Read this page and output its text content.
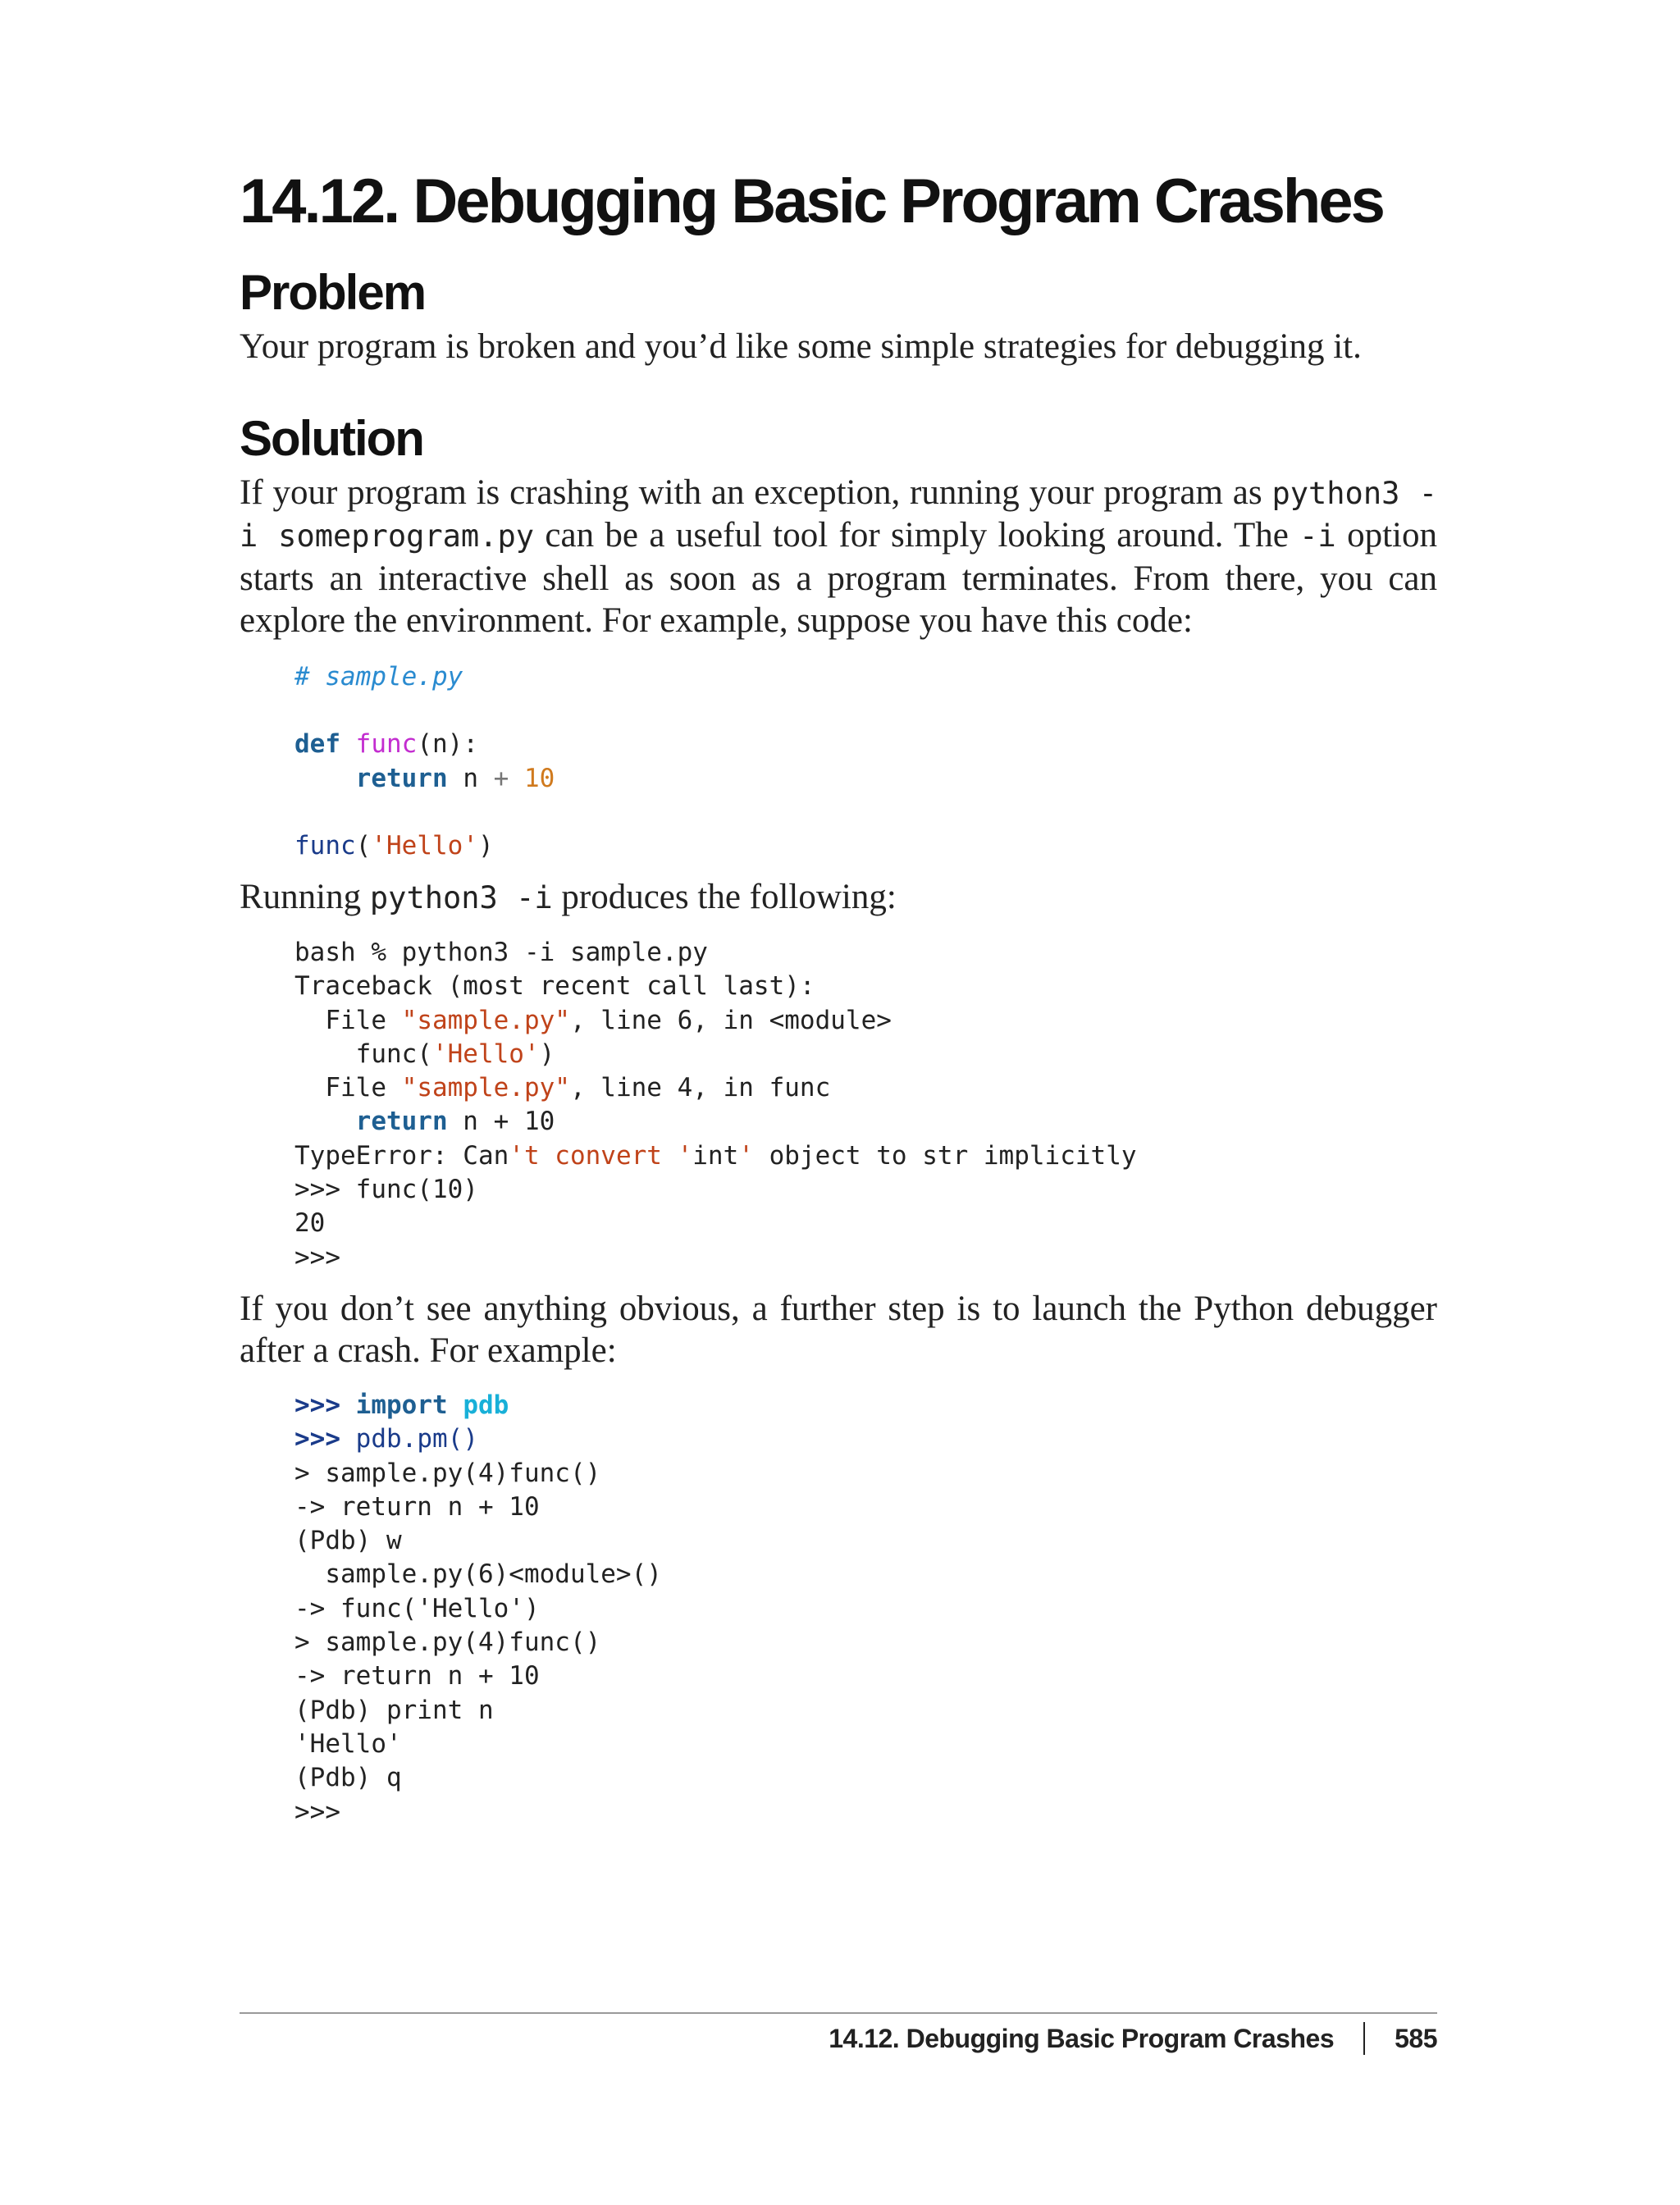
14.12. Debugging Basic Program Crashes
Problem

Your program is broken and you’d like some simple strategies for debugging it.

Solution

If your program is crashing with an exception, running your program as python3 -i someprogram.py can be a useful tool for simply looking around. The -i option starts an interactive shell as soon as a program terminates. From there, you can explore the environment. For example, suppose you have this code:

# sample.py

def func(n):
return n + 10

func('Hello')

Running python3 -i produces the following:

bash % python3 -i sample.py
Traceback (most recent call last):
File "sample.py", line 6, in <module>
func('Hello')
File "sample.py", line 4, in func
return n + 10
TypeError: Can't convert 'int' object to str implicitly
>>> func(10)
20
>>>

If you don’t see anything obvious, a further step is to launch the Python debugger after a crash. For example:

>>> import pdb
>>> pdb.pm()
> sample.py(4)func()
-> return n + 10
(Pdb) w
sample.py(6)<module>()
-> func('Hello')
> sample.py(4)func()
-> return n + 10
(Pdb) print n
'Hello'
(Pdb) q
>>>
14.12. Debugging Basic Program Crashes 585
